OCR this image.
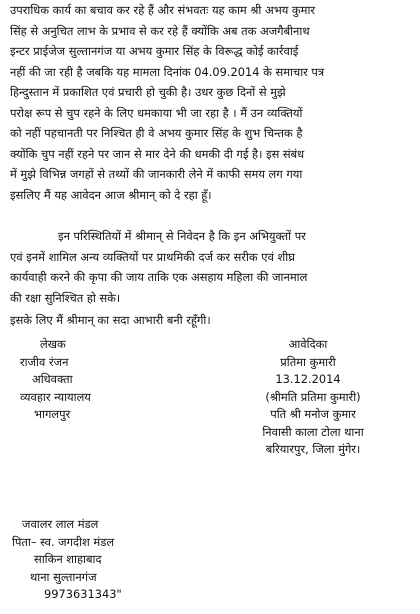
उपराधिक कार्य का बचाव कर रहे हैं और संभवतः यह काम श्री अभय कुमार
सिंह से अनुचित लाभ के प्रभाव से कर रहे हैं क्योंकि अब तक अजगैबीनाथ
इन्टर प्राईजेज सुल्तानगंज या अभय कुमार सिंह के विरूद्ध कोई कार्रवाई
नहीं की जा रही है जबकि यह मामला दिनांक 04.09.2014 के समाचार पत्र
हिन्दुस्तान में प्रकाशित एवं प्रचारी हो चुकी है। उधर कुछ दिनों से मुझे
परोक्ष रूप से चुप रहने के लिए धमकाया भी जा रहा है । मैं उन व्यक्तियों
को नहीं पहचानती पर निश्चित ही वे अभय कुमार सिंह के शुभ चिन्तक है
क्योंकि चुप नहीं रहने पर जान से मार देने की धमकी दी गई है। इस संबंध
में मुझे विभिन्न जगहों से तथ्यों की जानकारी लेने में काफी समय लग गया
इसलिए मैं यह आवेदन आज श्रीमान् को दे रहा हूँ।
इन परिस्थितियों में श्रीमान् से निवेदन है कि इन अभियुक्तों पर
एवं इनमें शामिल अन्य व्यक्तियों पर प्राथमिकी दर्ज कर सरीक एवं शीघ्र
कार्यवाही करने की कृपा की जाय ताकि एक असहाय महिला की जानमाल
की रक्षा सुनिश्चित हो सके।
इसके लिए मैं श्रीमान् का सदा आभारी बनी रहूँगी।
लेखक
राजीव रंजन
अधिवक्ता
व्यवहार न्यायालय
भागलपुर
आवेदिका
प्रतिमा कुमारी
13.12.2014
(श्रीमति प्रतिमा कुमारी)
पति श्री मनोज कुमार
निवासी काला टोला थाना
बरियारपुर, जिला मुंगेर।
जवालर लाल मंडल
पिता– स्व. जगदीश मंडल
साकिन शाहाबाद
थाना सुल्तानगंज
9973631343"
